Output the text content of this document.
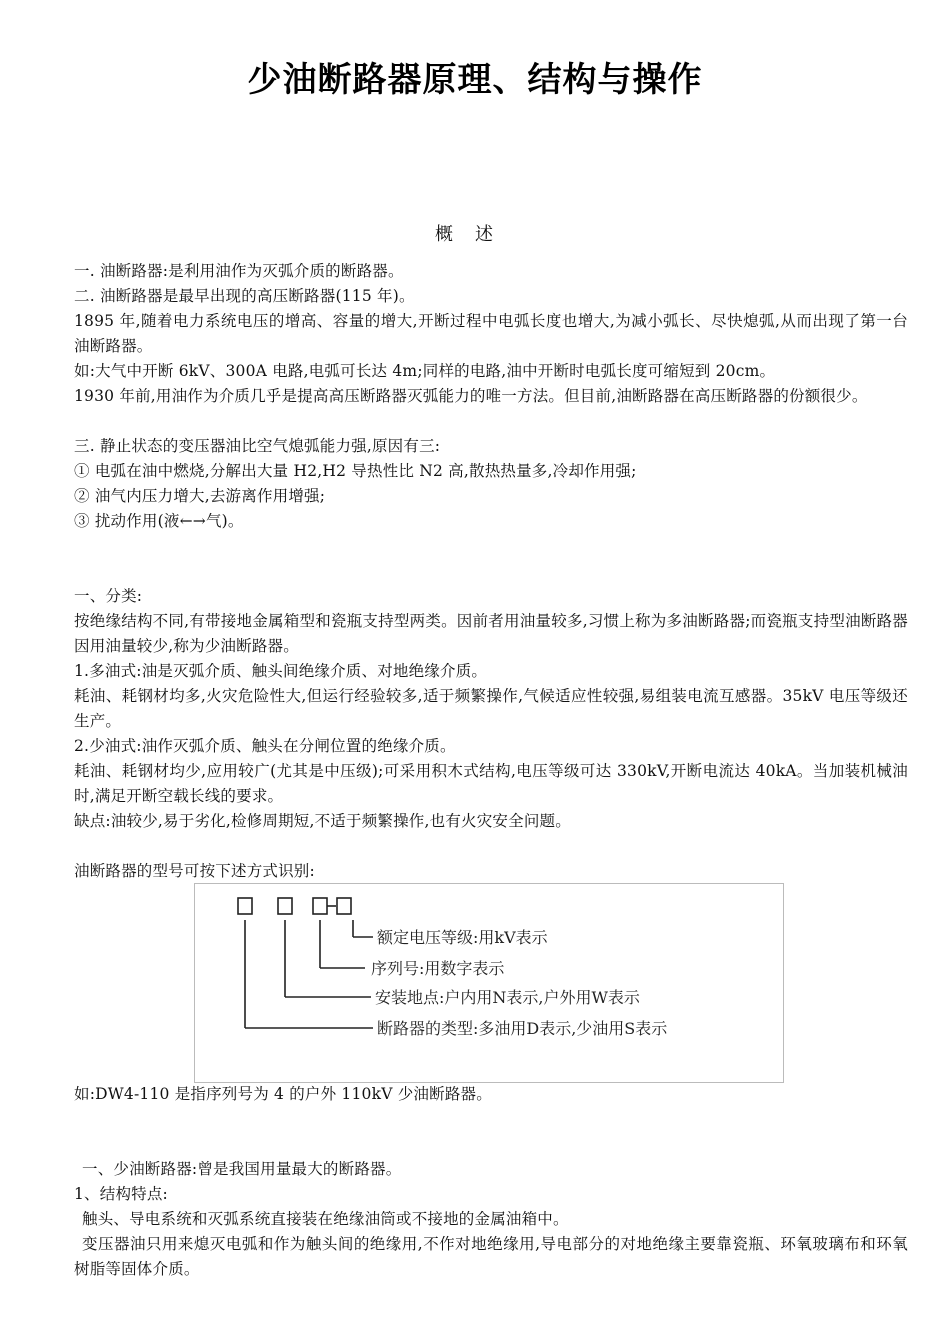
少油断路器原理、结构与操作
概述
一. 油断路器:是利用油作为灭弧介质的断路器。
二. 油断路器是最早出现的高压断路器(115 年)。
1895 年,随着电力系统电压的增高、容量的增大,开断过程中电弧长度也增大,为减小弧长、尽快熄弧,从而出现了第一台油断路器。
如:大气中开断 6kV、300A 电路,电弧可长达 4m;同样的电路,油中开断时电弧长度可缩短到 20cm。
1930 年前,用油作为介质几乎是提高高压断路器灭弧能力的唯一方法。但目前,油断路器在高压断路器的份额很少。
三. 静止状态的变压器油比空气熄弧能力强,原因有三:
① 电弧在油中燃烧,分解出大量 H2,H2 导热性比 N2 高,散热热量多,冷却作用强;
② 油气内压力增大,去游离作用增强;
③ 扰动作用(液←→气)。
一、分类:
按绝缘结构不同,有带接地金属箱型和瓷瓶支持型两类。因前者用油量较多,习惯上称为多油断路器;而瓷瓶支持型油断路器因用油量较少,称为少油断路器。
1.多油式:油是灭弧介质、触头间绝缘介质、对地绝缘介质。
耗油、耗钢材均多,火灾危险性大,但运行经验较多,适于频繁操作,气候适应性较强,易组装电流互感器。35kV 电压等级还生产。
2.少油式:油作灭弧介质、触头在分闸位置的绝缘介质。
耗油、耗钢材均少,应用较广(尤其是中压级);可采用积木式结构,电压等级可达 330kV,开断电流达 40kA。当加装机械油时,满足开断空载长线的要求。
缺点:油较少,易于劣化,检修周期短,不适于频繁操作,也有火灾安全问题。
油断路器的型号可按下述方式识别:
额定电压等级:用kV表示
序列号:用数字表示
安装地点:户内用N表示,户外用W表示
断路器的类型:多油用D表示,少油用S表示
如:DW4-110 是指序列号为 4 的户外 110kV 少油断路器。
一、少油断路器:曾是我国用量最大的断路器。
1、结构特点:
触头、导电系统和灭弧系统直接装在绝缘油筒或不接地的金属油箱中。
变压器油只用来熄灭电弧和作为触头间的绝缘用,不作对地绝缘用,导电部分的对地绝缘主要靠瓷瓶、环氧玻璃布和环氧树脂等固体介质。
